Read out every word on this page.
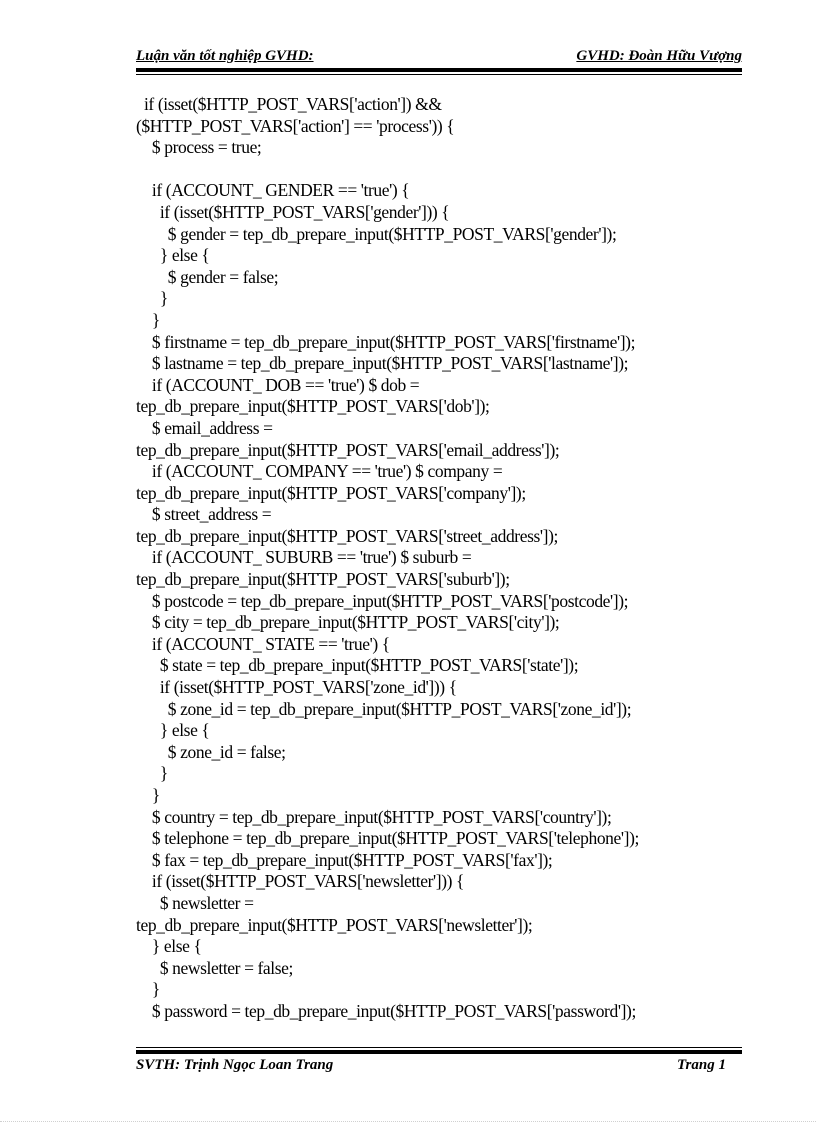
Luận văn tốt nghiệp GVHD:	GVHD: Đoàn Hữu Vượng
if (isset($HTTP_POST_VARS['action']) &&
($HTTP_POST_VARS['action'] == 'process')) {
$ process = true;
if (ACCOUNT_ GENDER == 'true') {
if (isset($HTTP_POST_VARS['gender'])) {
$ gender = tep_db_prepare_input($HTTP_POST_VARS['gender']);
} else {
$ gender = false;
}
}
$ firstname = tep_db_prepare_input($HTTP_POST_VARS['firstname']);
$ lastname = tep_db_prepare_input($HTTP_POST_VARS['lastname']);
if (ACCOUNT_ DOB == 'true') $ dob =
tep_db_prepare_input($HTTP_POST_VARS['dob']);
$ email_address =
tep_db_prepare_input($HTTP_POST_VARS['email_address']);
if (ACCOUNT_ COMPANY == 'true') $ company =
tep_db_prepare_input($HTTP_POST_VARS['company']);
$ street_address =
tep_db_prepare_input($HTTP_POST_VARS['street_address']);
if (ACCOUNT_ SUBURB == 'true') $ suburb =
tep_db_prepare_input($HTTP_POST_VARS['suburb']);
$ postcode = tep_db_prepare_input($HTTP_POST_VARS['postcode']);
$ city = tep_db_prepare_input($HTTP_POST_VARS['city']);
if (ACCOUNT_ STATE == 'true') {
$ state = tep_db_prepare_input($HTTP_POST_VARS['state']);
if (isset($HTTP_POST_VARS['zone_id'])) {
$ zone_id = tep_db_prepare_input($HTTP_POST_VARS['zone_id']);
} else {
$ zone_id = false;
}
}
$ country = tep_db_prepare_input($HTTP_POST_VARS['country']);
$ telephone = tep_db_prepare_input($HTTP_POST_VARS['telephone']);
$ fax = tep_db_prepare_input($HTTP_POST_VARS['fax']);
if (isset($HTTP_POST_VARS['newsletter'])) {
$ newsletter =
tep_db_prepare_input($HTTP_POST_VARS['newsletter']);
} else {
$ newsletter = false;
}
$ password = tep_db_prepare_input($HTTP_POST_VARS['password']);
SVTH: Trịnh Ngọc Loan Trang	Trang 1
